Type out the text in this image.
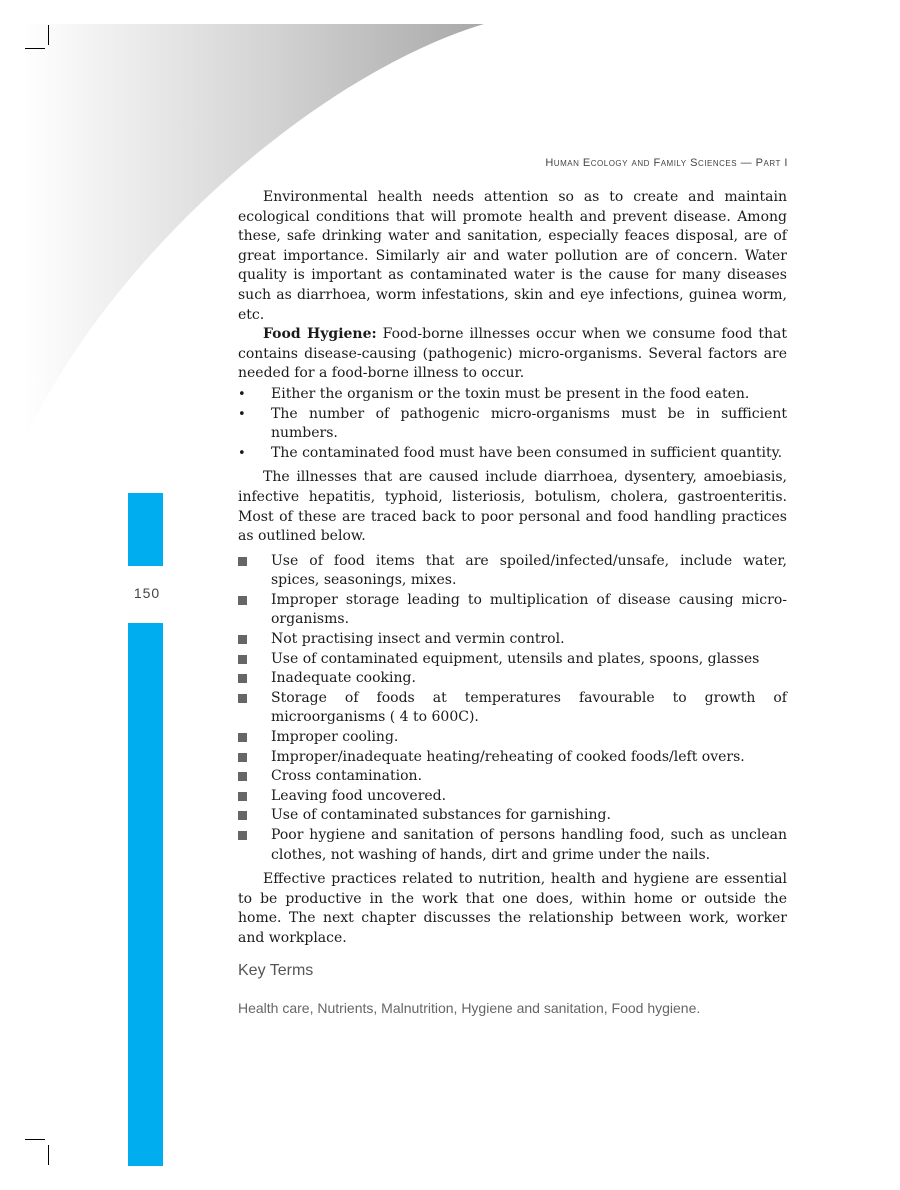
Human Ecology and Family Sciences — Part I
150

Environmental health needs attention so as to create and maintain ecological conditions that will promote health and prevent disease. Among these, safe drinking water and sanitation, especially feaces disposal, are of great importance. Similarly air and water pollution are of concern. Water quality is important as contaminated water is the cause for many diseases such as diarrhoea, worm infestations, skin and eye infections, guinea worm, etc.

Food Hygiene: Food-borne illnesses occur when we consume food that contains disease-causing (pathogenic) micro-organisms. Several factors are needed for a food-borne illness to occur.

• Either the organism or the toxin must be present in the food eaten.
• The number of pathogenic micro-organisms must be in sufficient numbers.
• The contaminated food must have been consumed in sufficient quantity.

The illnesses that are caused include diarrhoea, dysentery, amoebiasis, infective hepatitis, typhoid, listeriosis, botulism, cholera, gastroenteritis. Most of these are traced back to poor personal and food handling practices as outlined below.

Use of food items that are spoiled/infected/unsafe, include water, spices, seasonings, mixes.
Improper storage leading to multiplication of disease causing micro-organisms.
Not practising insect and vermin control.
Use of contaminated equipment, utensils and plates, spoons, glasses
Inadequate cooking.
Storage of foods at temperatures favourable to growth of microorganisms ( 4 to 600C).
Improper cooling.
Improper/inadequate heating/reheating of cooked foods/left overs.
Cross contamination.
Leaving food uncovered.
Use of contaminated substances for garnishing.
Poor hygiene and sanitation of persons handling food, such as unclean clothes, not washing of hands, dirt and grime under the nails.

Effective practices related to nutrition, health and hygiene are essential to be productive in the work that one does, within home or outside the home. The next chapter discusses the relationship between work, worker and workplace.

Key Terms
Health care, Nutrients, Malnutrition, Hygiene and sanitation, Food hygiene.
